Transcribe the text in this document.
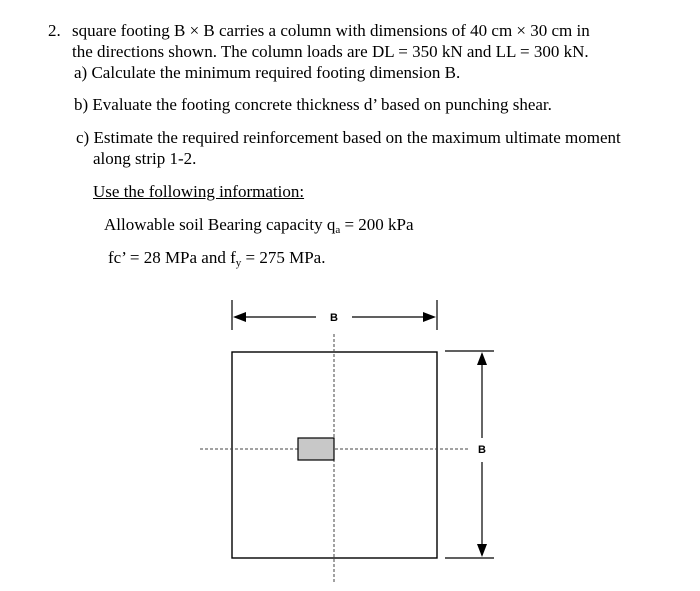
2. square footing B × B carries a column with dimensions of 40 cm × 30 cm in
the directions shown. The column loads are DL = 350 kN and LL = 300 kN.
a) Calculate the minimum required footing dimension B.
b) Evaluate the footing concrete thickness d’ based on punching shear.
c) Estimate the required reinforcement based on the maximum ultimate moment
along strip 1-2.
Use the following information:
Allowable soil Bearing capacity $q_a = 200$ kPa
fc’ = 28 MPa and $f_y = 275$ MPa.
B
B
